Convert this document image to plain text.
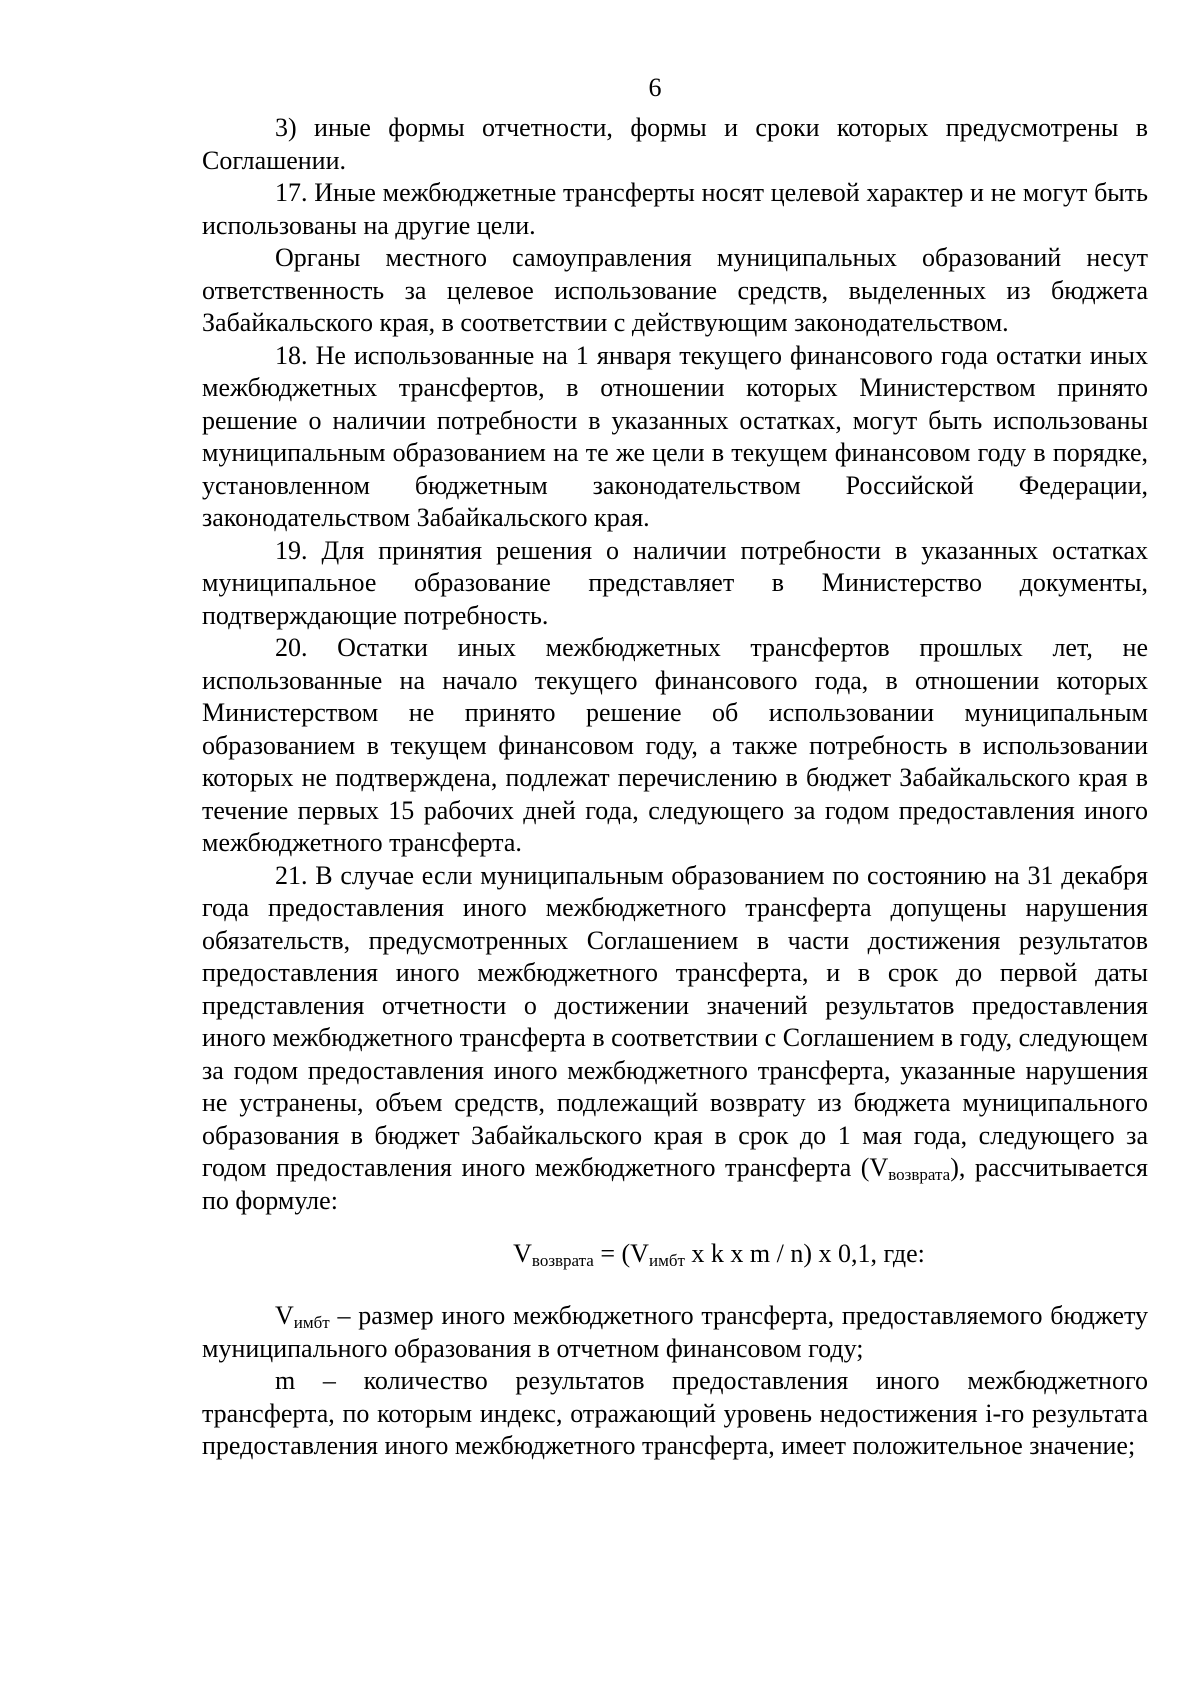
6

3) иные формы отчетности, формы и сроки которых предусмотрены в Соглашении.

17. Иные межбюджетные трансферты носят целевой характер и не могут быть использованы на другие цели.

Органы местного самоуправления муниципальных образований несут ответственность за целевое использование средств, выделенных из бюджета Забайкальского края, в соответствии с действующим законодательством.

18. Не использованные на 1 января текущего финансового года остатки иных межбюджетных трансфертов, в отношении которых Министерством принято решение о наличии потребности в указанных остатках, могут быть использованы муниципальным образованием на те же цели в текущем финансовом году в порядке, установленном бюджетным законодательством Российской Федерации, законодательством Забайкальского края.

19. Для принятия решения о наличии потребности в указанных остатках муниципальное образование представляет в Министерство документы, подтверждающие потребность.

20. Остатки иных межбюджетных трансфертов прошлых лет, не использованные на начало текущего финансового года, в отношении которых Министерством не принято решение об использовании муниципальным образованием в текущем финансовом году, а также потребность в использовании которых не подтверждена, подлежат перечислению в бюджет Забайкальского края в течение первых 15 рабочих дней года, следующего за годом предоставления иного межбюджетного трансферта.

21. В случае если муниципальным образованием по состоянию на 31 декабря года предоставления иного межбюджетного трансферта допущены нарушения обязательств, предусмотренных Соглашением в части достижения результатов предоставления иного межбюджетного трансферта, и в срок до первой даты представления отчетности о достижении значений результатов предоставления иного межбюджетного трансферта в соответствии с Соглашением в году, следующем за годом предоставления иного межбюджетного трансферта, указанные нарушения не устранены, объем средств, подлежащий возврату из бюджета муниципального образования в бюджет Забайкальского края в срок до 1 мая года, следующего за годом предоставления иного межбюджетного трансферта $(V_{возврата})$, рассчитывается по формуле:

$V_{возврата} = (V_{имбт}$ x k x m / n) x 0,1, где:

$V_{имбт}$ – размер иного межбюджетного трансферта, предоставляемого бюджету муниципального образования в отчетном финансовом году;

m – количество результатов предоставления иного межбюджетного трансферта, по которым индекс, отражающий уровень недостижения i-го результата предоставления иного межбюджетного трансферта, имеет положительное значение;
